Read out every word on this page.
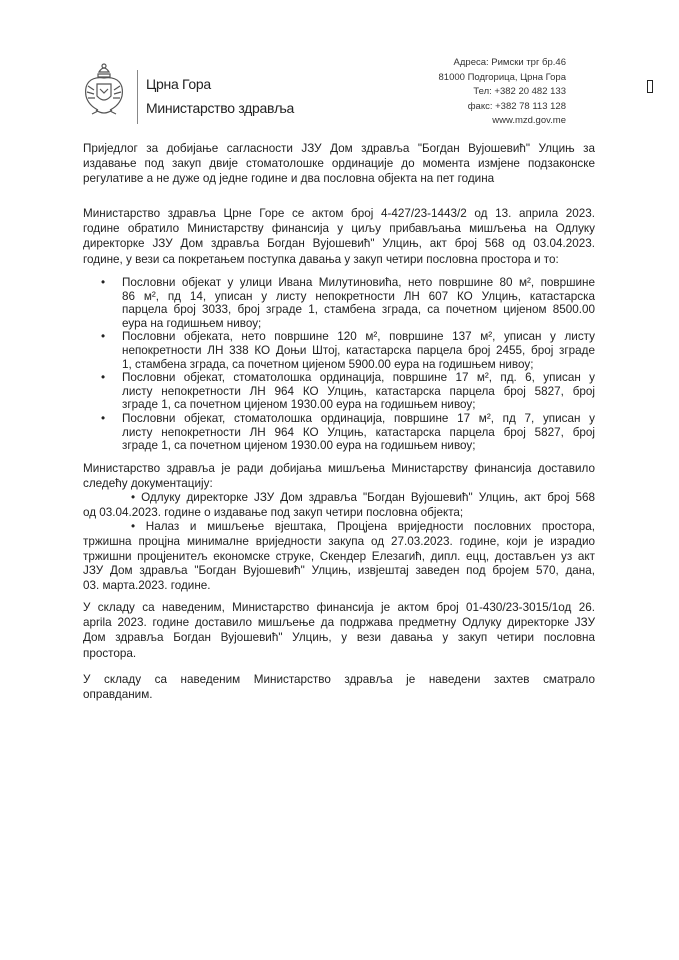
Црна Гора
Министарство здравља
Адреса: Римски трг бр.46
81000 Подгорица, Црна Гора
Тел: +382 20 482 133
факс: +382 78 113 128
www.mzd.gov.me
Приједлог за добијање сагласности ЈЗУ Дом здравља "Богдан Вујошевић" Улцињ за
издавање под закуп двије стоматолошке ординације до момента измјене подзаконске
регулативе а не дуже од једне године и два пословна објекта на пет година
Министарство здравља Црне Горе се актом број 4-427/23-1443/2 од 13. априла 2023.
године обратило Министарству финансија у циљу прибављања мишљења на Одлуку
директорке ЈЗУ Дом здравља Богдан Вујошевић" Улцињ, акт број 568 од 03.04.2023.
године, у вези са покретањем поступка давања у закуп четири пословна простора и то:
• Пословни објекат у улици Ивана Милутиновића, нето површине 80 м², површине
86 м², пд 14, уписан у листу непокретности ЛН 607 КО Улцињ, катастарска
парцела број 3033, број зграде 1, стамбена зграда, са почетном цијеном 8500.00
еура на годишњем нивоу;
• Пословни објеката, нето површине 120 м², површине 137 м², уписан у листу
непокретности ЛН 338 КО Доњи Штој, катастарска парцела број 2455, број зграде
1, стамбена зграда, са почетном цијеном 5900.00 еура на годишњем нивоу;
• Пословни објекат, стоматолошка ординација, површине 17 м², пд. 6, уписан у
листу непокретности ЛН 964 КО Улцињ, катастарска парцела број 5827, број
зграде 1, са почетном цијеном 1930.00 еура на годишњем нивоу;
• Пословни објекат, стоматолошка ординација, површине 17 м², пд 7, уписан у
листу непокретности ЛН 964 КО Улцињ, катастарска парцела број 5827, број
зграде 1, са почетном цијеном 1930.00 еура на годишњем нивоу;
Министарство здравља је ради добијања мишљења Министарству финансија доставило
следећу документацију:
• Одлуку директорке ЈЗУ Дом здравља "Богдан Вујошевић" Улцињ, акт број 568
од 03.04.2023. године о издавање под закуп четири пословна објекта;
• Налаз и мишљење вјештака, Процјена вриједности пословних простора,
тржишна процјна минималне вриједности закупа од 27.03.2023. године, који је израдио
тржишни процјенитељ економске струке, Скендер Елезагић, дипл. ецц, достављен уз акт
ЈЗУ Дом здравља "Богдан Вујошевић" Улцињ, извјештај заведен под бројем 570, дана,
03. марта.2023. године.
У складу са наведеним, Министарство финансија је актом број 01-430/23-3015/1од 26.
aprila 2023. године доставило мишљење да подржава предметну Одлуку директорке ЈЗУ
Дом здравља Богдан Вујошевић" Улцињ, у вези давања у закуп четири пословна
простора.
У складу са наведеним Министарство здравља је наведени захтев сматрало
оправданим.
